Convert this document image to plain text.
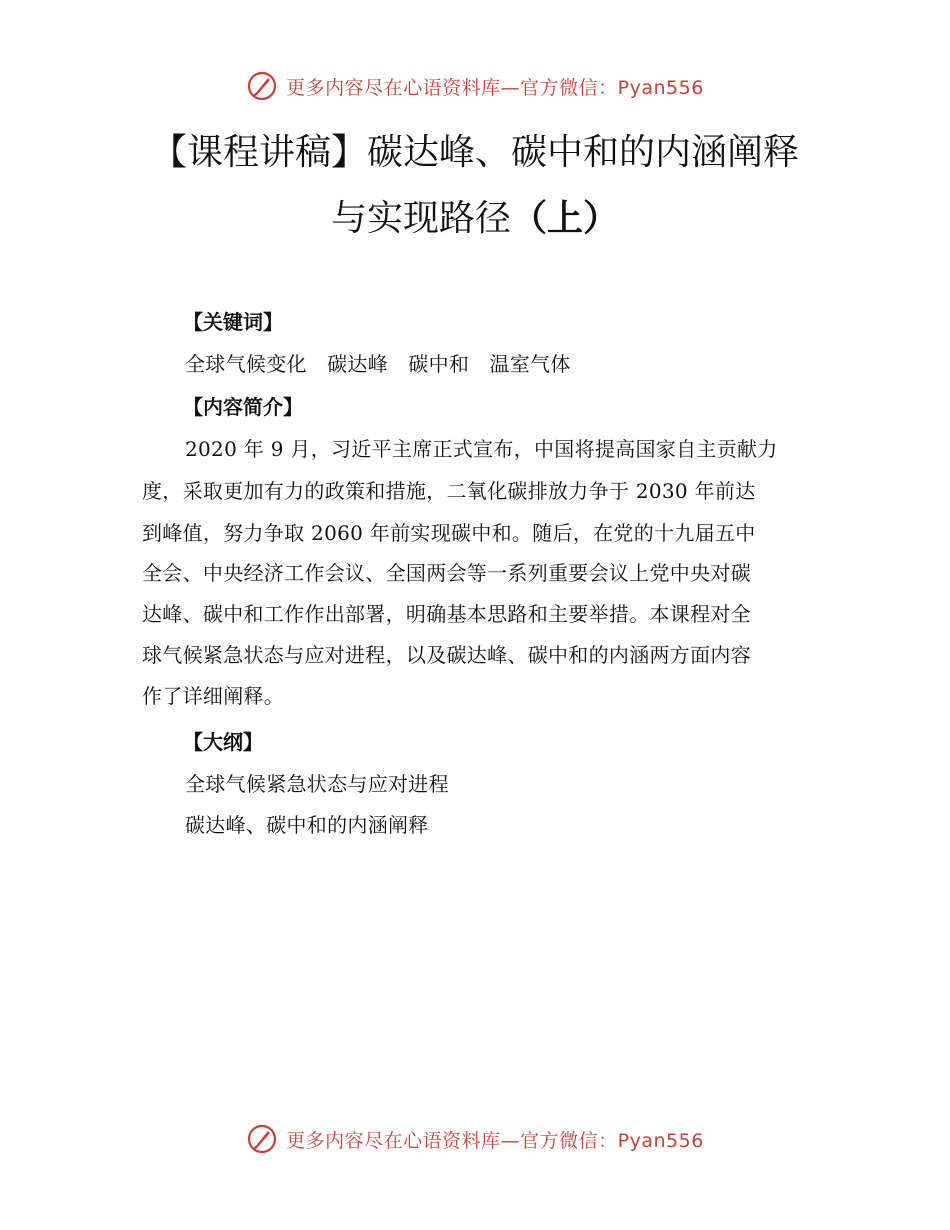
更多内容尽在心语资料库—官方微信：Pyan556
【课程讲稿】碳达峰、碳中和的内涵阐释
与实现路径（上）
【关键词】
全球气候变化　碳达峰　碳中和　温室气体
【内容简介】
2020 年 9 月，习近平主席正式宣布，中国将提高国家自主贡献力
度，采取更加有力的政策和措施，二氧化碳排放力争于 2030 年前达
到峰值，努力争取 2060 年前实现碳中和。随后，在党的十九届五中
全会、中央经济工作会议、全国两会等一系列重要会议上党中央对碳
达峰、碳中和工作作出部署，明确基本思路和主要举措。本课程对全
球气候紧急状态与应对进程，以及碳达峰、碳中和的内涵两方面内容
作了详细阐释。
【大纲】
全球气候紧急状态与应对进程
碳达峰、碳中和的内涵阐释
更多内容尽在心语资料库—官方微信：Pyan556
